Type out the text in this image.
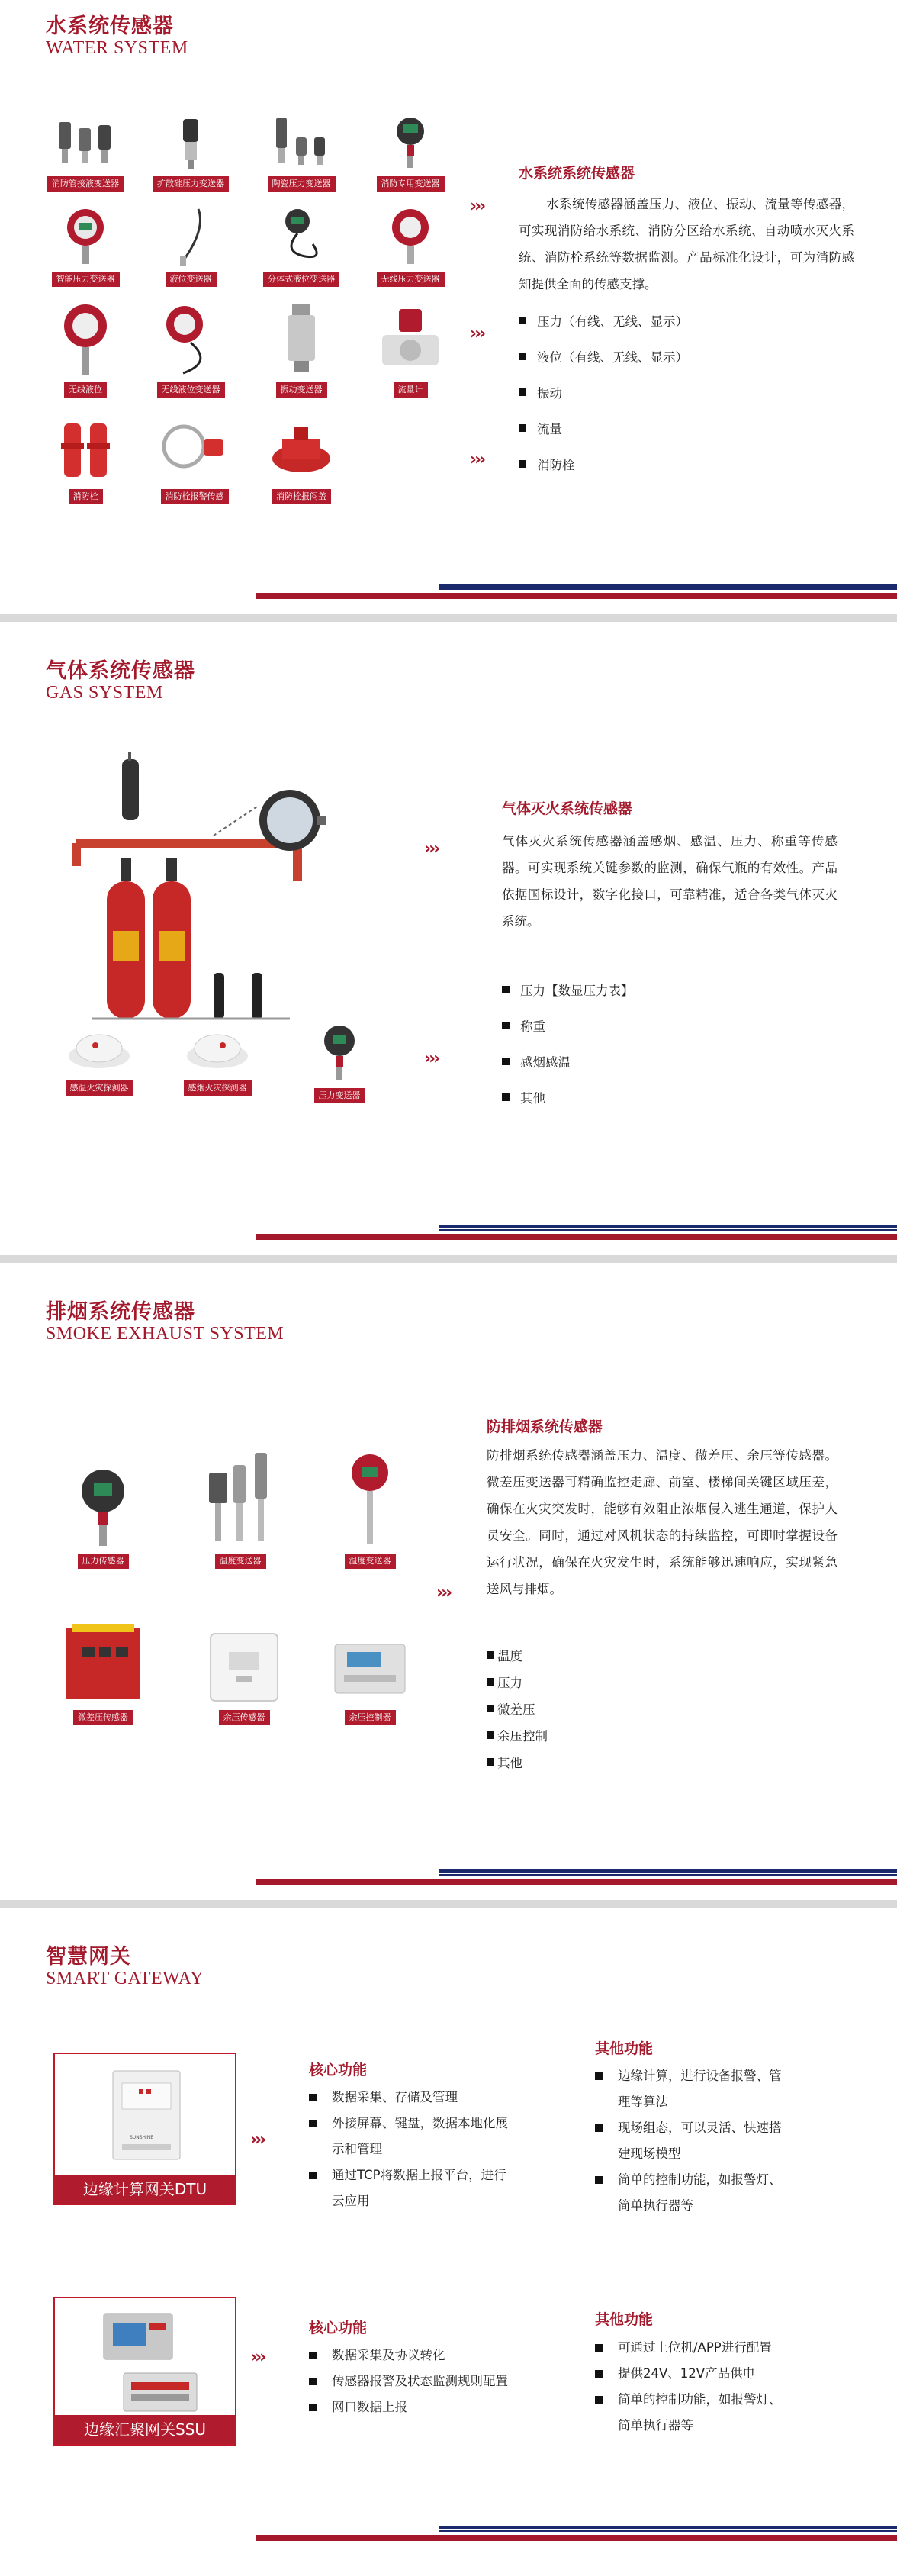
水系统传感器
WATER SYSTEM
消防管接液变送器	扩散硅压力变送器	陶瓷压力变送器	消防专用变送器
智能压力变送器	液位变送器	分体式液位变送器	无线压力变送器
无线液位	无线液位变送器	振动变送器	流量计
消防栓	消防栓报警传感	消防栓报闷盖
›››
›››
›››
水系统系统传感器
水系统传感器涵盖压力、液位、振动、流量等传感器，可实现消防给水系统、消防分区给水系统、自动喷水灭火系统、消防栓系统等数据监测。产品标准化设计，可为消防感知提供全面的传感支撑。
压力（有线、无线、显示）
液位（有线、无线、显示）
振动
流量
消防栓
气体系统传感器
GAS SYSTEM
感温火灾探测器	感烟火灾探测器
压力变送器
›››
›››
气体灭火系统传感器
气体灭火系统传感器涵盖感烟、感温、压力、称重等传感器。可实现系统关键参数的监测，确保气瓶的有效性。产品依据国标设计，数字化接口，可靠精准，适合各类气体灭火系统。
压力【数显压力表】
称重
感烟感温
其他
排烟系统传感器
SMOKE EXHAUST SYSTEM
压力传感器	温度变送器	温度变送器
微差压传感器	余压传感器	余压控制器
›››
防排烟系统传感器
防排烟系统传感器涵盖压力、温度、微差压、余压等传感器。微差压变送器可精确监控走廊、前室、楼梯间关键区域压差，确保在火灾突发时，能够有效阻止浓烟侵入逃生通道，保护人员安全。同时，通过对风机状态的持续监控，可即时掌握设备运行状况，确保在火灾发生时，系统能够迅速响应，实现紧急送风与排烟。
温度
压力
微差压
余压控制
其他
智慧网关
SMART GATEWAY
SUNSHINE
边缘计算网关DTU
›››
核心功能
数据采集、存储及管理
外接屏幕、键盘，数据本地化展
示和管理
通过TCP将数据上报平台，进行
云应用
其他功能
边缘计算，进行设备报警、管
理等算法
现场组态，可以灵活、快速搭
建现场模型
简单的控制功能，如报警灯、
简单执行器等
边缘汇聚网关SSU
›››
核心功能
数据采集及协议转化
传感器报警及状态监测规则配置
网口数据上报
其他功能
可通过上位机/APP进行配置
提供24V、12V产品供电
简单的控制功能，如报警灯、
简单执行器等
